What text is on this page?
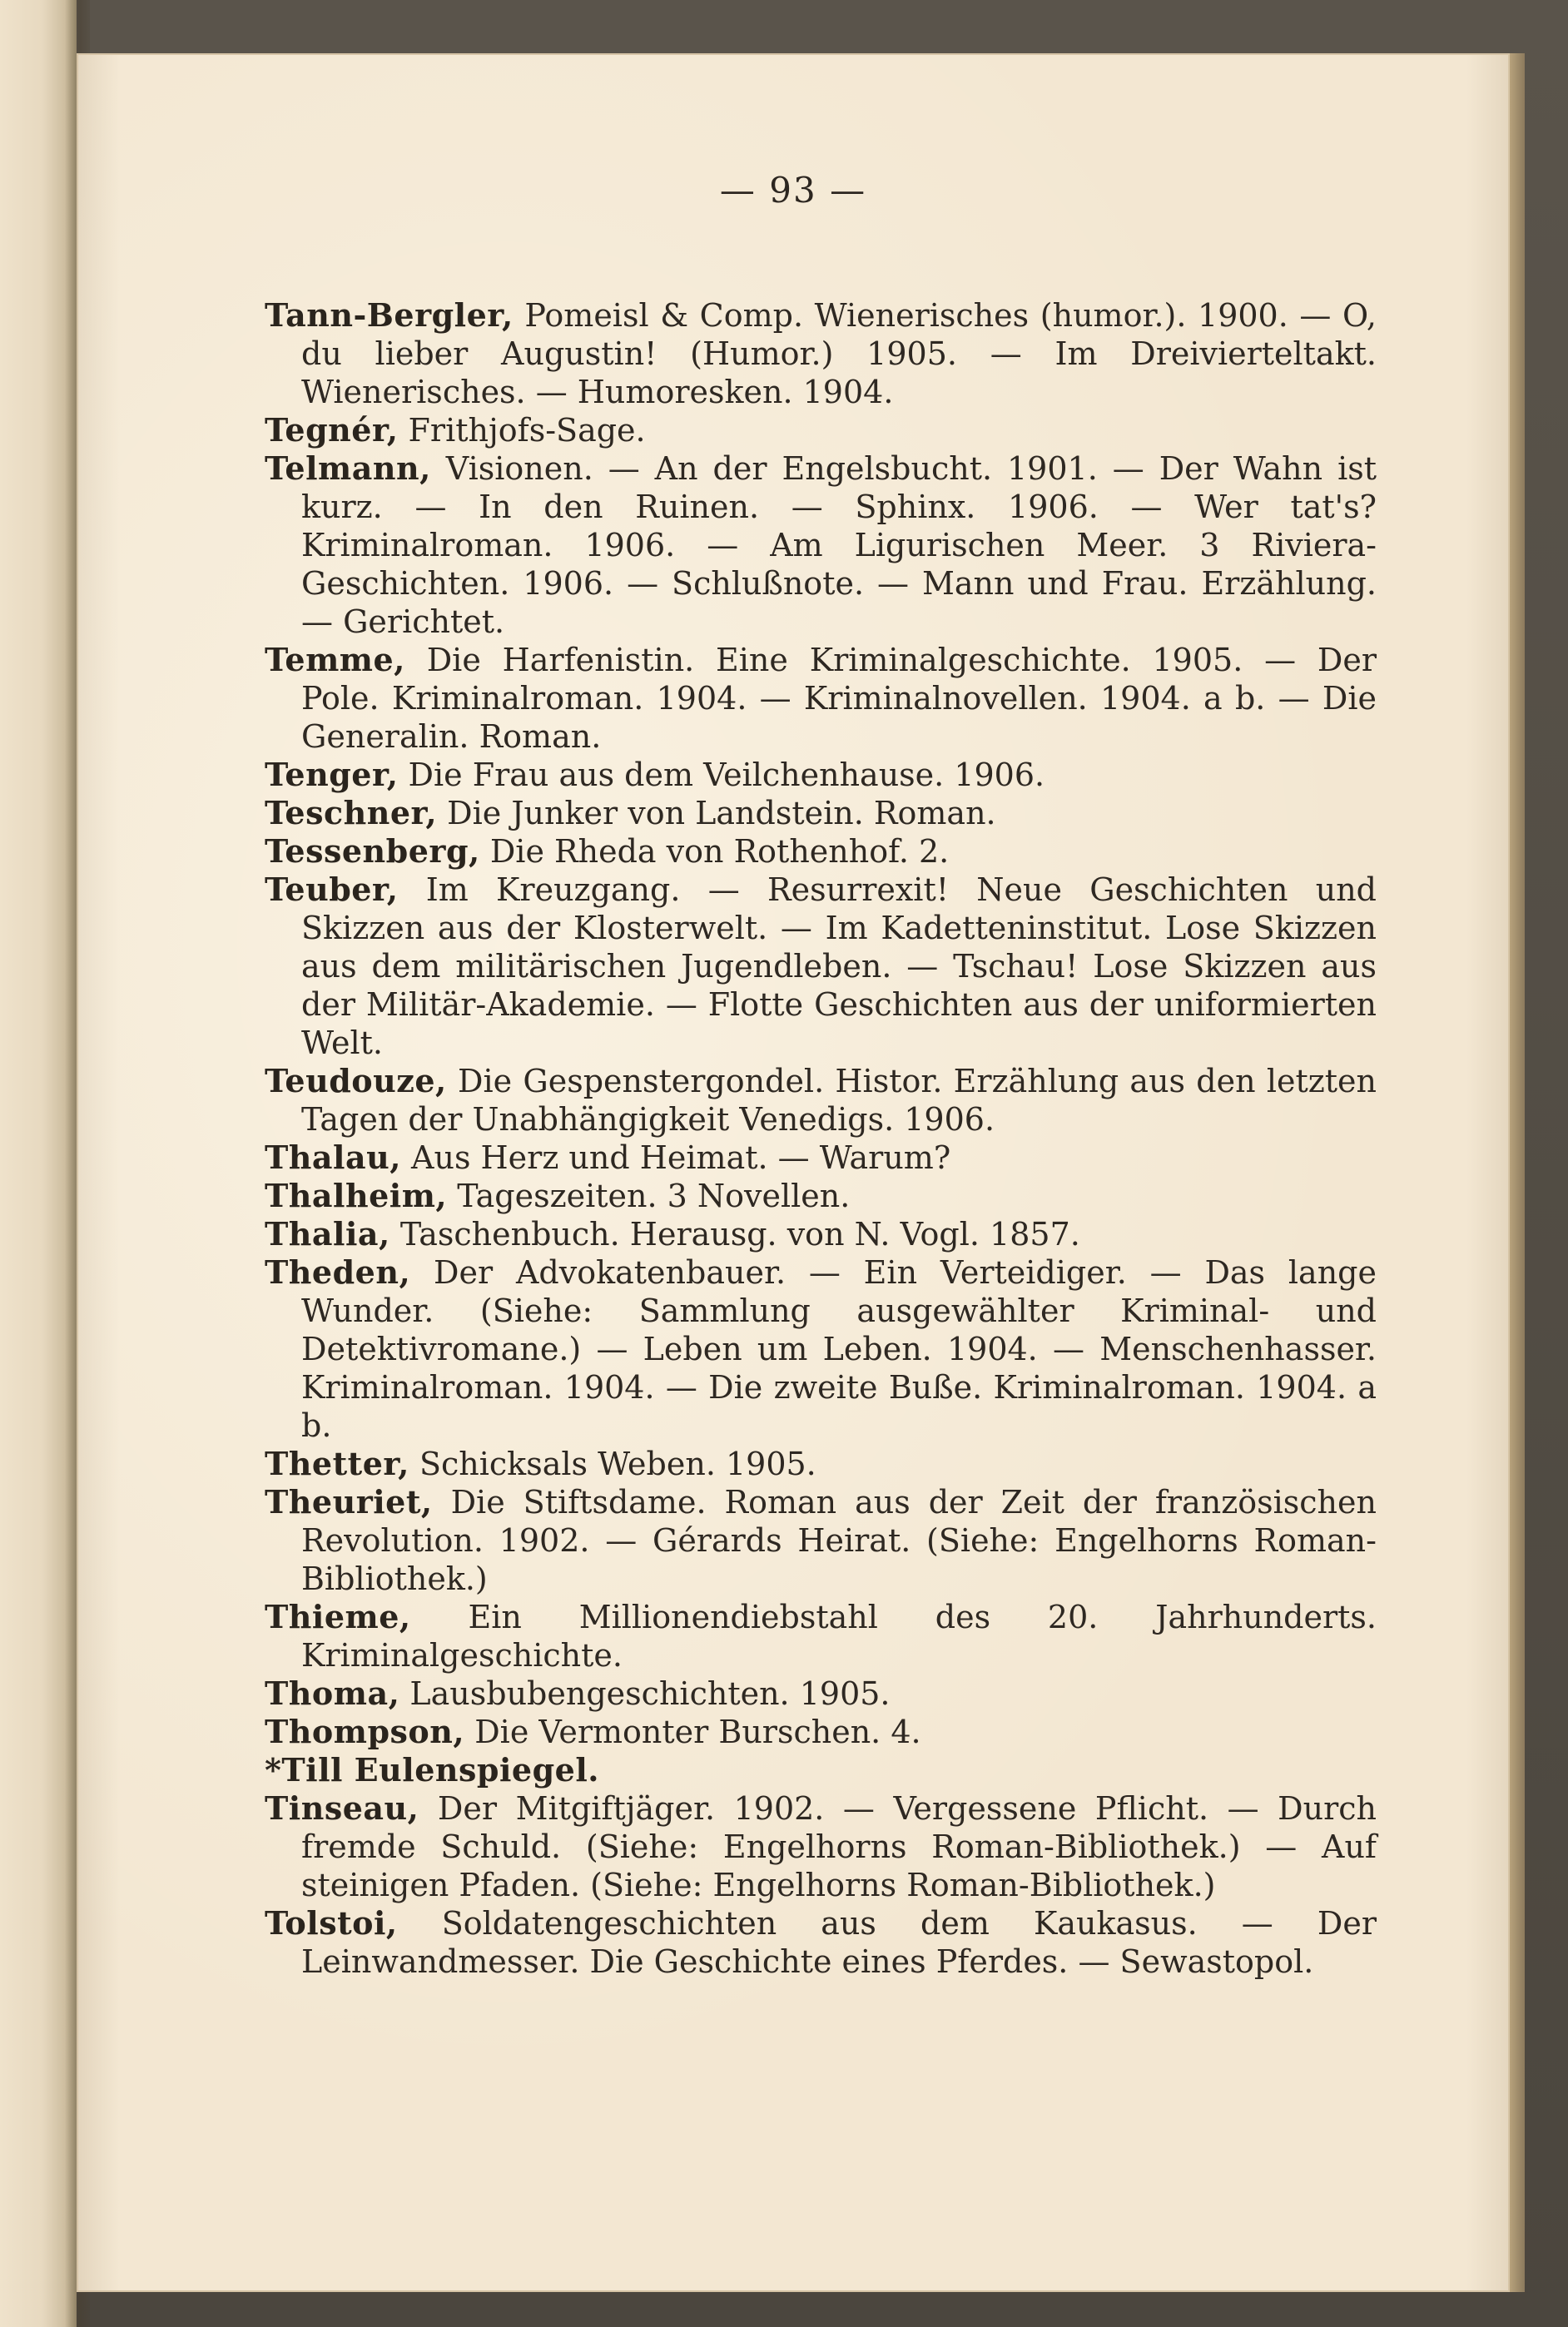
— 93 —

Tann-Bergler, Pomeisl & Comp. Wienerisches (humor.). 1900. — O, du lieber Augustin! (Humor.) 1905. — Im Dreivierteltakt. Wienerisches. — Humoresken. 1904.

Tegnér, Frithjofs-Sage.

Telmann, Visionen. — An der Engelsbucht. 1901. — Der Wahn ist kurz. — In den Ruinen. — Sphinx. 1906. — Wer tat's? Kriminalroman. 1906. — Am Ligurischen Meer. 3 Riviera-Geschichten. 1906. — Schlußnote. — Mann und Frau. Erzählung. — Gerichtet.

Temme, Die Harfenistin. Eine Kriminalgeschichte. 1905. — Der Pole. Kriminalroman. 1904. — Kriminalnovellen. 1904. a b. — Die Generalin. Roman.

Tenger, Die Frau aus dem Veilchenhause. 1906.

Teschner, Die Junker von Landstein. Roman.

Tessenberg, Die Rheda von Rothenhof. 2.

Teuber, Im Kreuzgang. — Resurrexit! Neue Geschichten und Skizzen aus der Klosterwelt. — Im Kadetteninstitut. Lose Skizzen aus dem militärischen Jugendleben. — Tschau! Lose Skizzen aus der Militär-Akademie. — Flotte Geschichten aus der uniformierten Welt.

Teudouze, Die Gespenstergondel. Histor. Erzählung aus den letzten Tagen der Unabhängigkeit Venedigs. 1906.

Thalau, Aus Herz und Heimat. — Warum?

Thalheim, Tageszeiten. 3 Novellen.

Thalia, Taschenbuch. Herausg. von N. Vogl. 1857.

Theden, Der Advokatenbauer. — Ein Verteidiger. — Das lange Wunder. (Siehe: Sammlung ausgewählter Kriminal- und Detektivromane.) — Leben um Leben. 1904. — Menschenhasser. Kriminalroman. 1904. — Die zweite Buße. Kriminalroman. 1904. a b.

Thetter, Schicksals Weben. 1905.

Theuriet, Die Stiftsdame. Roman aus der Zeit der französischen Revolution. 1902. — Gérards Heirat. (Siehe: Engelhorns Roman-Bibliothek.)

Thieme, Ein Millionendiebstahl des 20. Jahrhunderts. Kriminalgeschichte.

Thoma, Lausbubengeschichten. 1905.

Thompson, Die Vermonter Burschen. 4.

*Till Eulenspiegel.

Tinseau, Der Mitgiftjäger. 1902. — Vergessene Pflicht. — Durch fremde Schuld. (Siehe: Engelhorns Roman-Bibliothek.) — Auf steinigen Pfaden. (Siehe: Engelhorns Roman-Bibliothek.)

Tolstoi, Soldatengeschichten aus dem Kaukasus. — Der Leinwandmesser. Die Geschichte eines Pferdes. — Sewastopol.
